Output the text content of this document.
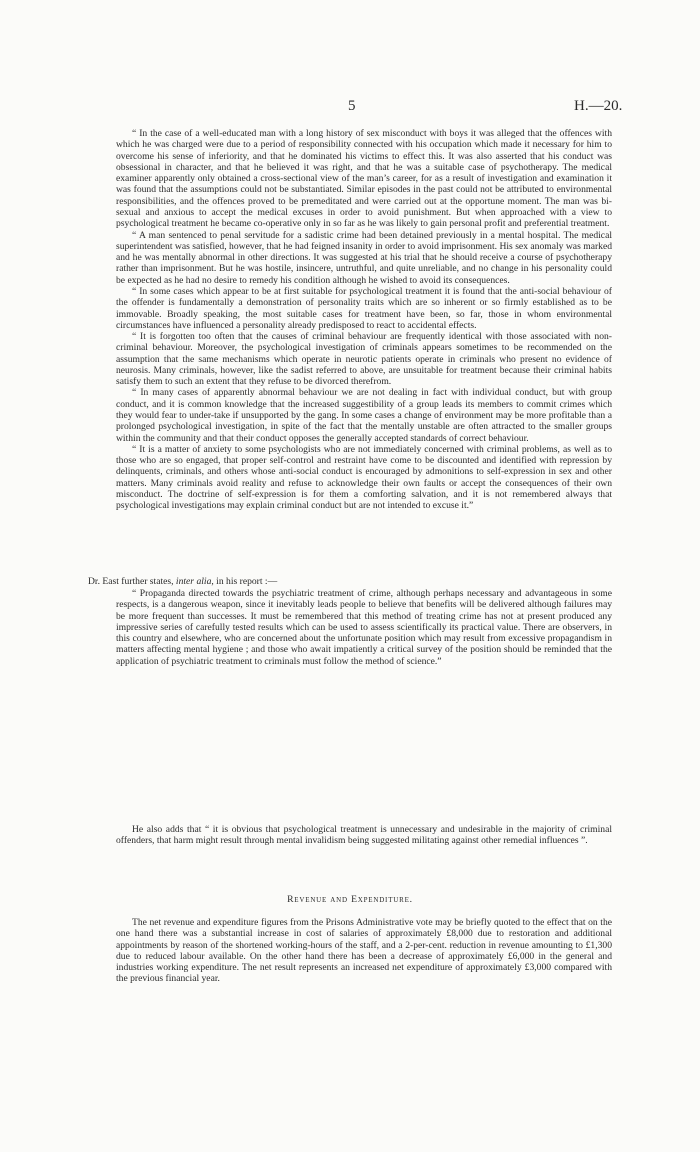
5	H.—20.

“ In the case of a well-educated man with a long history of sex misconduct with boys it was alleged that the offences with which he was charged were due to a period of responsibility connected with his occupation which made it necessary for him to overcome his sense of inferiority, and that he dominated his victims to effect this. It was also asserted that his conduct was obsessional in character, and that he believed it was right, and that he was a suitable case of psychotherapy. The medical examiner apparently only obtained a cross-sectional view of the man’s career, for as a result of investigation and examination it was found that the assumptions could not be substantiated. Similar episodes in the past could not be attributed to environmental responsibilities, and the offences proved to be premeditated and were carried out at the opportune moment. The man was bi-sexual and anxious to accept the medical excuses in order to avoid punishment. But when approached with a view to psychological treatment he became co-operative only in so far as he was likely to gain personal profit and preferential treatment.

“ A man sentenced to penal servitude for a sadistic crime had been detained previously in a mental hospital. The medical superintendent was satisfied, however, that he had feigned insanity in order to avoid imprisonment. His sex anomaly was marked and he was mentally abnormal in other directions. It was suggested at his trial that he should receive a course of psychotherapy rather than imprisonment. But he was hostile, insincere, untruthful, and quite unreliable, and no change in his personality could be expected as he had no desire to remedy his condition although he wished to avoid its consequences.

“ In some cases which appear to be at first suitable for psychological treatment it is found that the anti-social behaviour of the offender is fundamentally a demonstration of personality traits which are so inherent or so firmly established as to be immovable. Broadly speaking, the most suitable cases for treatment have been, so far, those in whom environmental circumstances have influenced a personality already predisposed to react to accidental effects.

“ It is forgotten too often that the causes of criminal behaviour are frequently identical with those associated with non-criminal behaviour. Moreover, the psychological investigation of criminals appears sometimes to be recommended on the assumption that the same mechanisms which operate in neurotic patients operate in criminals who present no evidence of neurosis. Many criminals, however, like the sadist referred to above, are unsuitable for treatment because their criminal habits satisfy them to such an extent that they refuse to be divorced therefrom.

“ In many cases of apparently abnormal behaviour we are not dealing in fact with individual conduct, but with group conduct, and it is common knowledge that the increased suggestibility of a group leads its members to commit crimes which they would fear to under-take if unsupported by the gang. In some cases a change of environment may be more profitable than a prolonged psychological investigation, in spite of the fact that the mentally unstable are often attracted to the smaller groups within the community and that their conduct opposes the generally accepted standards of correct behaviour.

“ It is a matter of anxiety to some psychologists who are not immediately concerned with criminal problems, as well as to those who are so engaged, that proper self-control and restraint have come to be discounted and identified with repression by delinquents, criminals, and others whose anti-social conduct is encouraged by admonitions to self-expression in sex and other matters. Many criminals avoid reality and refuse to acknowledge their own faults or accept the consequences of their own misconduct. The doctrine of self-expression is for them a comforting salvation, and it is not remembered always that psychological investigations may explain criminal conduct but are not intended to excuse it.”

Dr. East further states, inter alia, in his report :—

“ Propaganda directed towards the psychiatric treatment of crime, although perhaps necessary and advantageous in some respects, is a dangerous weapon, since it inevitably leads people to believe that benefits will be delivered although failures may be more frequent than successes. It must be remembered that this method of treating crime has not at present produced any impressive series of carefully tested results which can be used to assess scientifically its practical value. There are observers, in this country and elsewhere, who are concerned about the unfortunate position which may result from excessive propagandism in matters affecting mental hygiene ; and those who await impatiently a critical survey of the position should be reminded that the application of psychiatric treatment to criminals must follow the method of science.”

He also adds that “ it is obvious that psychological treatment is unnecessary and undesirable in the majority of criminal offenders, that harm might result through mental invalidism being suggested militating against other remedial influences ”.

Revenue and Expenditure.

The net revenue and expenditure figures from the Prisons Administrative vote may be briefly quoted to the effect that on the one hand there was a substantial increase in cost of salaries of approximately £8,000 due to restoration and additional appointments by reason of the shortened working-hours of the staff, and a 2-per-cent. reduction in revenue amounting to £1,300 due to reduced labour available. On the other hand there has been a decrease of approximately £6,000 in the general and industries working expenditure. The net result represents an increased net expenditure of approximately £3,000 compared with the previous financial year.
